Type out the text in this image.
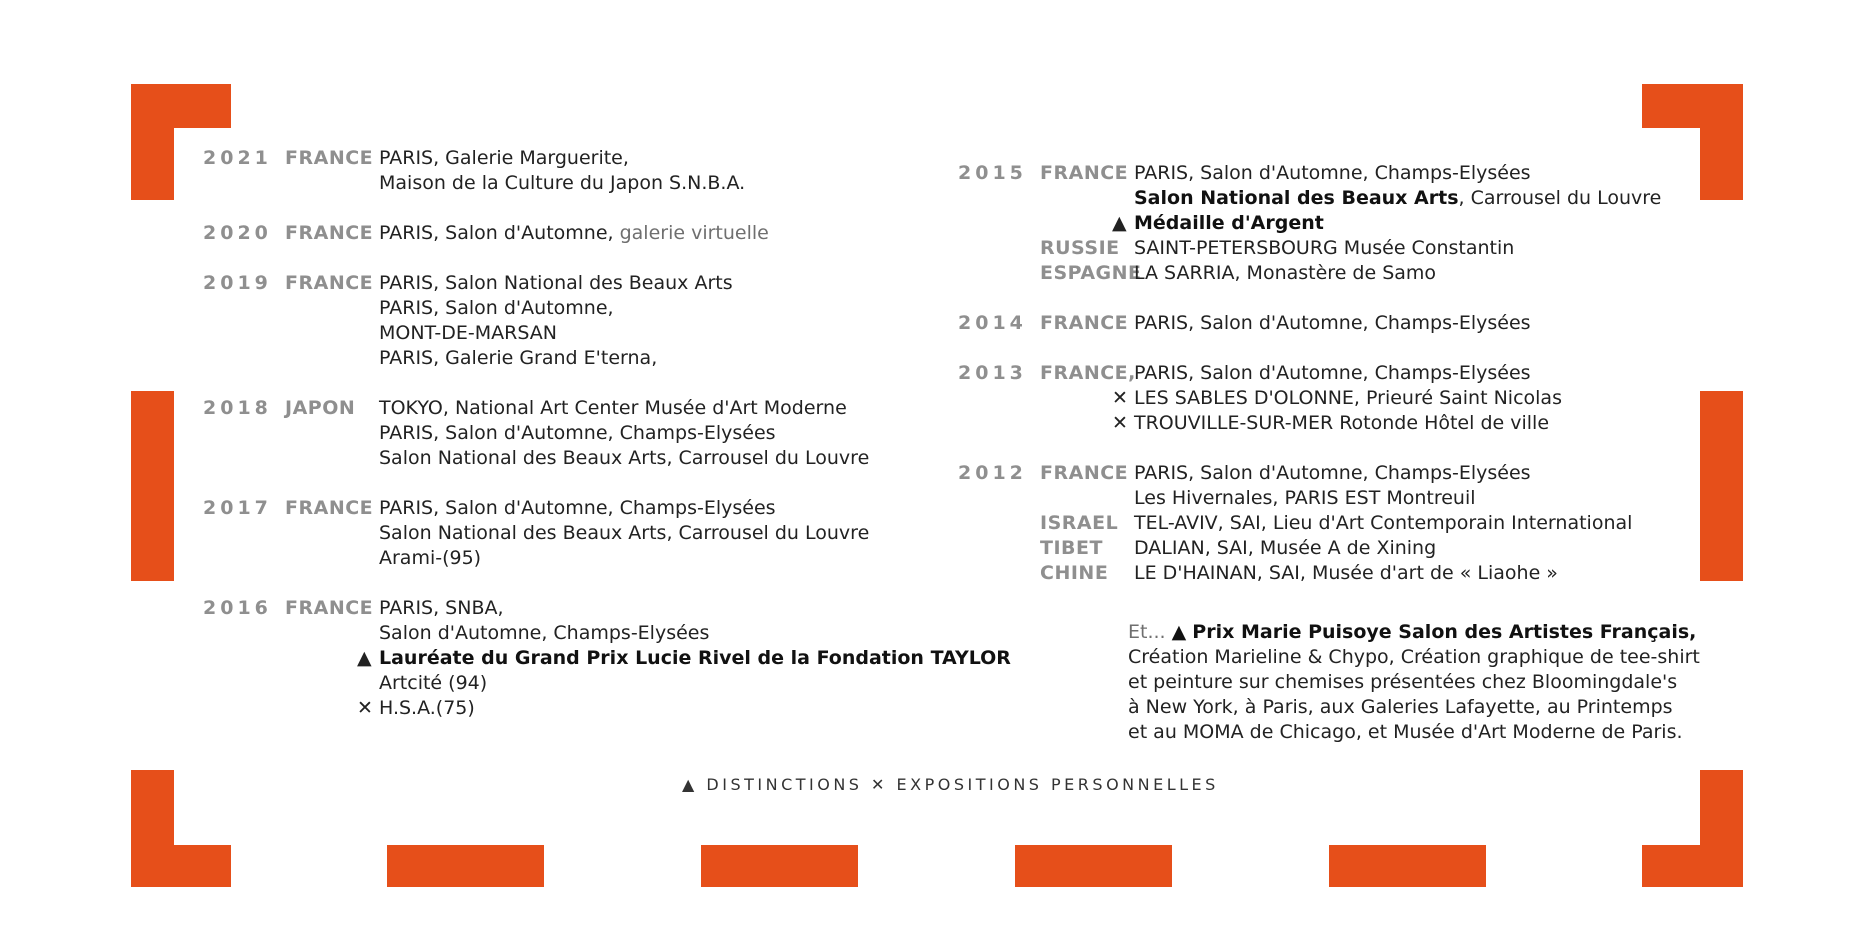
2021
FRANCE PARIS, Galerie Marguerite,

Maison de la Culture du Japon S.N.B.A.
2020
FRANCE PARIS, Salon d'Automne, galerie virtuelle
2019
FRANCE PARIS, Salon National des Beaux Arts

PARIS, Salon d'Automne,

MONT-DE-MARSAN

PARIS, Galerie Grand E'terna,
2018
JAPON TOKYO, National Art Center Musée d'Art Moderne

PARIS, Salon d'Automne, Champs-Elysées

Salon National des Beaux Arts, Carrousel du Louvre
2017
FRANCE PARIS, Salon d'Automne, Champs-Elysées

Salon National des Beaux Arts, Carrousel du Louvre

Arami-(95)
2016
FRANCE PARIS, SNBA,

Salon d'Automne, Champs-Elysées

▲ Lauréate du Grand Prix Lucie Rivel de la Fondation TAYLOR

Artcité (94)

✕ H.S.A.(75)
2015
FRANCE PARIS, Salon d'Automne, Champs-Elysées

Salon National des Beaux Arts, Carrousel du Louvre

▲ Médaille d'Argent

RUSSIE SAINT-PETERSBOURG Musée Constantin

ESPAGNE
LA SARRIA, Monastère de Samo
2014
FRANCE PARIS, Salon d'Automne, Champs-Elysées
2013
FRANCE,
PARIS, Salon d'Automne, Champs-Elysées

✕ LES SABLES D'OLONNE, Prieuré Saint Nicolas

✕ TROUVILLE-SUR-MER Rotonde Hôtel de ville
2012
FRANCE PARIS, Salon d'Automne, Champs-Elysées

Les Hivernales, PARIS EST Montreuil

ISRAEL TEL-AVIV, SAI, Lieu d'Art Contemporain International

TIBET DALIAN, SAI, Musée A de Xining

CHINE LE D'HAINAN, SAI, Musée d'art de « Liaohe »
Et... ▲ Prix Marie Puisoye Salon des Artistes Français,
Création Marieline & Chypo, Création graphique de tee-shirt
et peinture sur chemises présentées chez Bloomingdale's
à New York, à Paris, aux Galeries Lafayette, au Printemps
et au MOMA de Chicago, et Musée d'Art Moderne de Paris.
▲ DISTINCTIONS ✕ EXPOSITIONS PERSONNELLES
